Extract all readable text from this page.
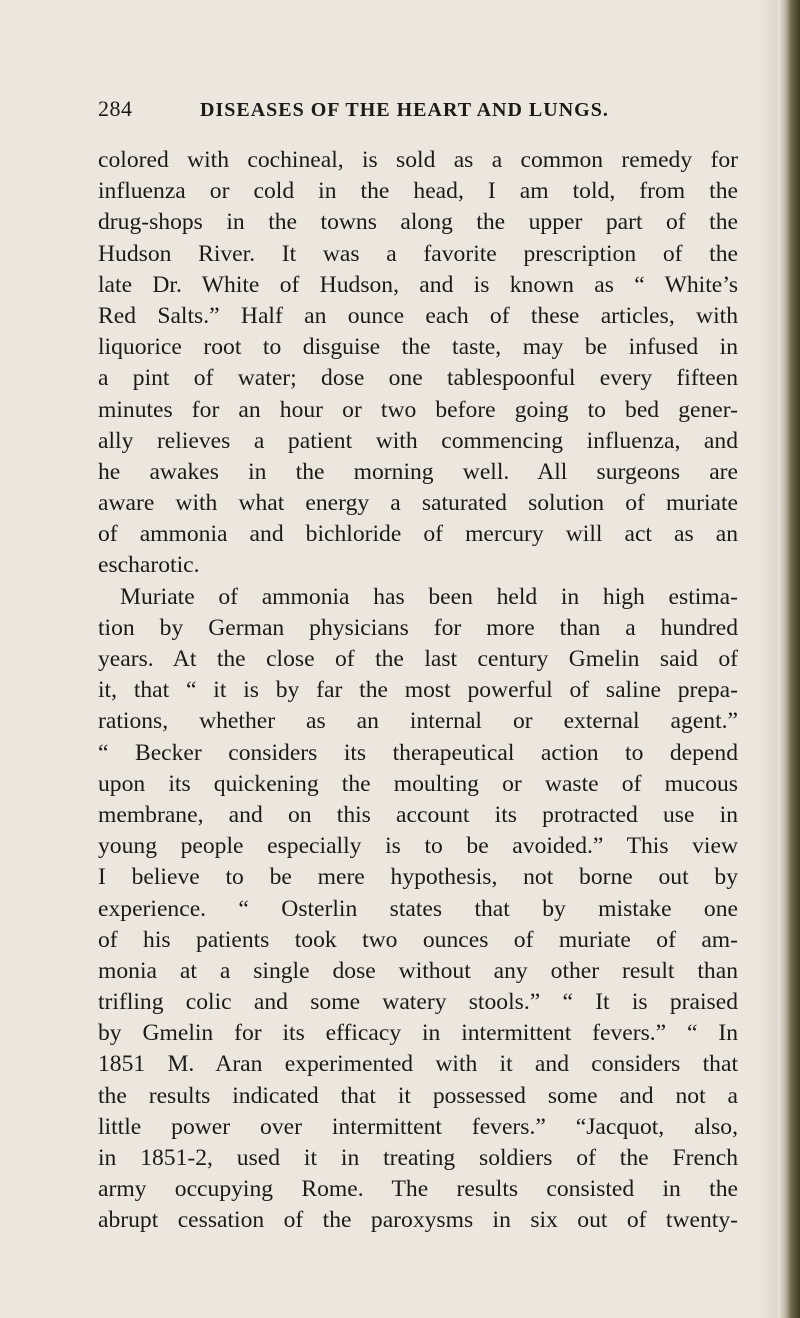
284	DISEASES OF THE HEART AND LUNGS.
colored with cochineal, is sold as a common remedy for
influenza or cold in the head, I am told, from the
drug-shops in the towns along the upper part of the
Hudson River. It was a favorite prescription of the
late Dr. White of Hudson, and is known as “ White’s
Red Salts.” Half an ounce each of these articles, with
liquorice root to disguise the taste, may be infused in
a pint of water; dose one tablespoonful every fifteen
minutes for an hour or two before going to bed gener-
ally relieves a patient with commencing influenza, and
he awakes in the morning well. All surgeons are
aware with what energy a saturated solution of muriate
of ammonia and bichloride of mercury will act as an
escharotic.
Muriate of ammonia has been held in high estima-
tion by German physicians for more than a hundred
years. At the close of the last century Gmelin said of
it, that “ it is by far the most powerful of saline prepa-
rations, whether as an internal or external agent.”
“ Becker considers its therapeutical action to depend
upon its quickening the moulting or waste of mucous
membrane, and on this account its protracted use in
young people especially is to be avoided.” This view
I believe to be mere hypothesis, not borne out by
experience. “ Osterlin states that by mistake one
of his patients took two ounces of muriate of am-
monia at a single dose without any other result than
trifling colic and some watery stools.” “ It is praised
by Gmelin for its efficacy in intermittent fevers.” “ In
1851 M. Aran experimented with it and considers that
the results indicated that it possessed some and not a
little power over intermittent fevers.” “Jacquot, also,
in 1851-2, used it in treating soldiers of the French
army occupying Rome. The results consisted in the
abrupt cessation of the paroxysms in six out of twenty-
